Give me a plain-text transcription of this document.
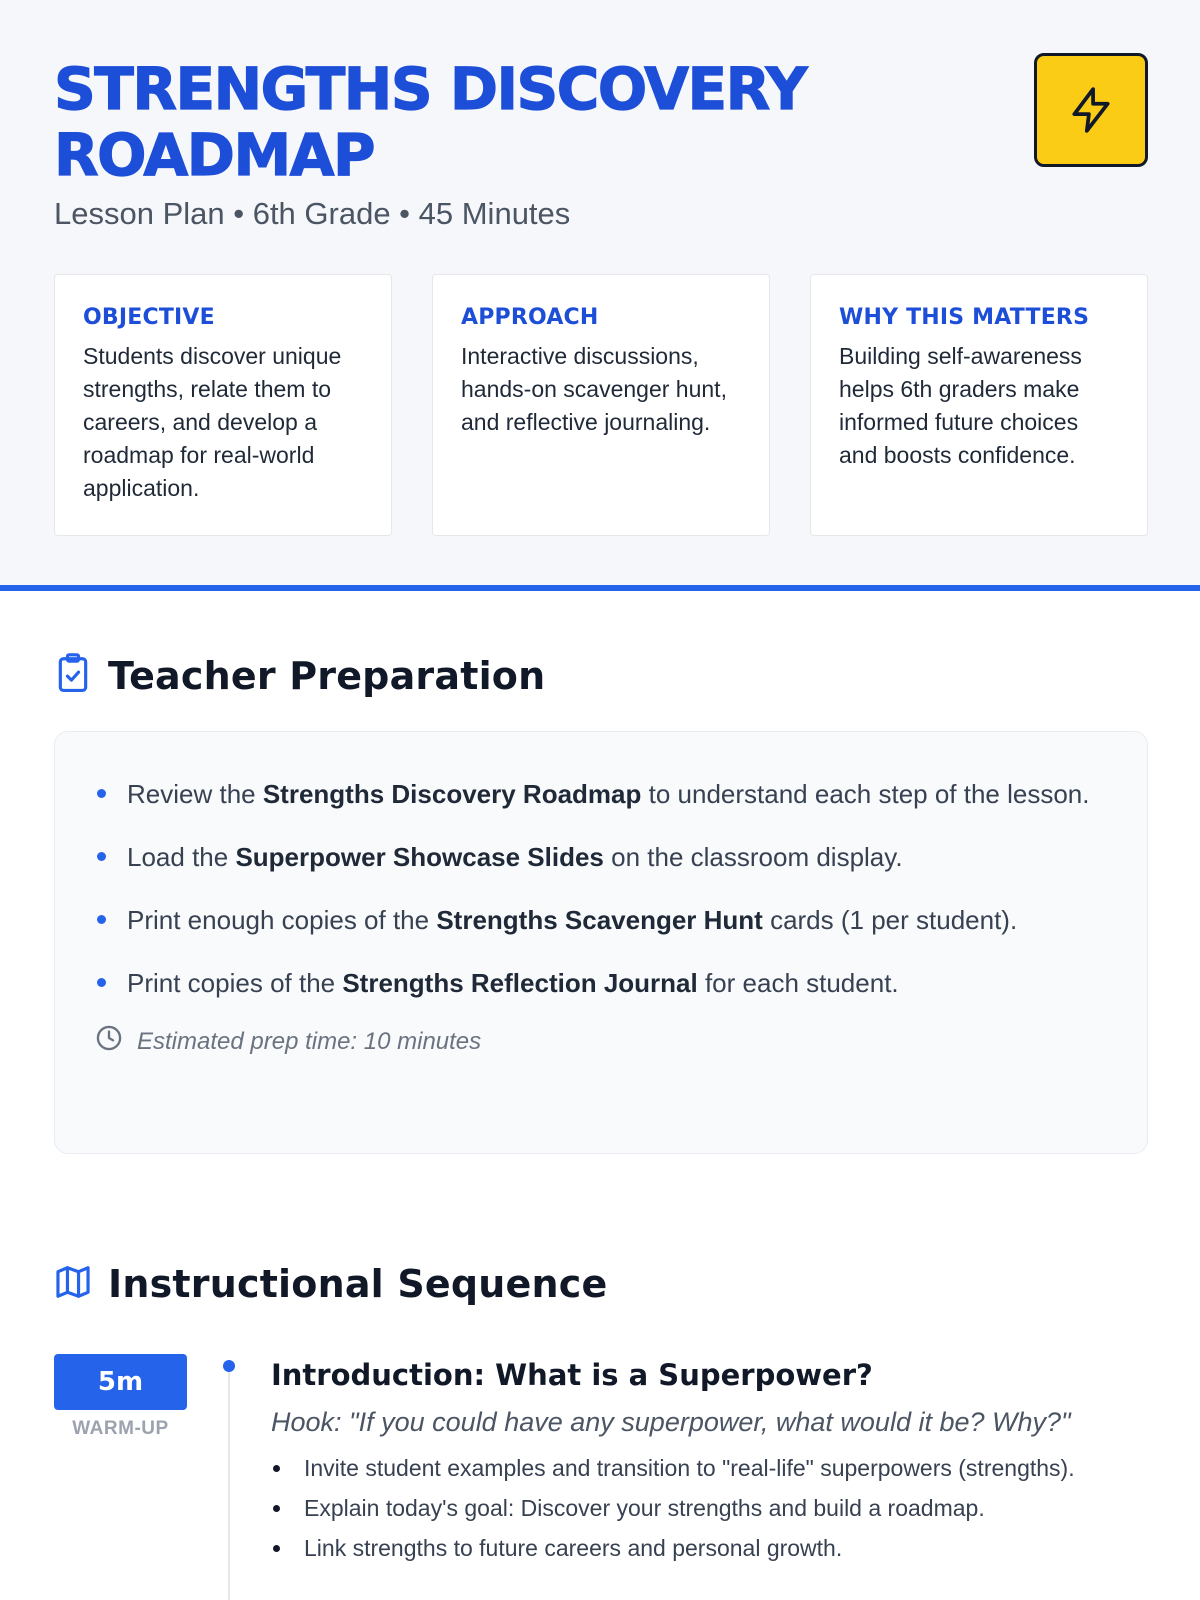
STRENGTHS DISCOVERY ROADMAP
Lesson Plan • 6th Grade • 45 Minutes
OBJECTIVE
Students discover unique strengths, relate them to careers, and develop a roadmap for real-world application.
APPROACH
Interactive discussions, hands-on scavenger hunt, and reflective journaling.
WHY THIS MATTERS
Building self-awareness helps 6th graders make informed future choices and boosts confidence.
Teacher Preparation
Review the Strengths Discovery Roadmap to understand each step of the lesson.
Load the Superpower Showcase Slides on the classroom display.
Print enough copies of the Strengths Scavenger Hunt cards (1 per student).
Print copies of the Strengths Reflection Journal for each student.
Estimated prep time: 10 minutes
Instructional Sequence
5m
WARM-UP
Introduction: What is a Superpower?
Hook: "If you could have any superpower, what would it be? Why?"
Invite student examples and transition to "real-life" superpowers (strengths).
Explain today's goal: Discover your strengths and build a roadmap.
Link strengths to future careers and personal growth.
